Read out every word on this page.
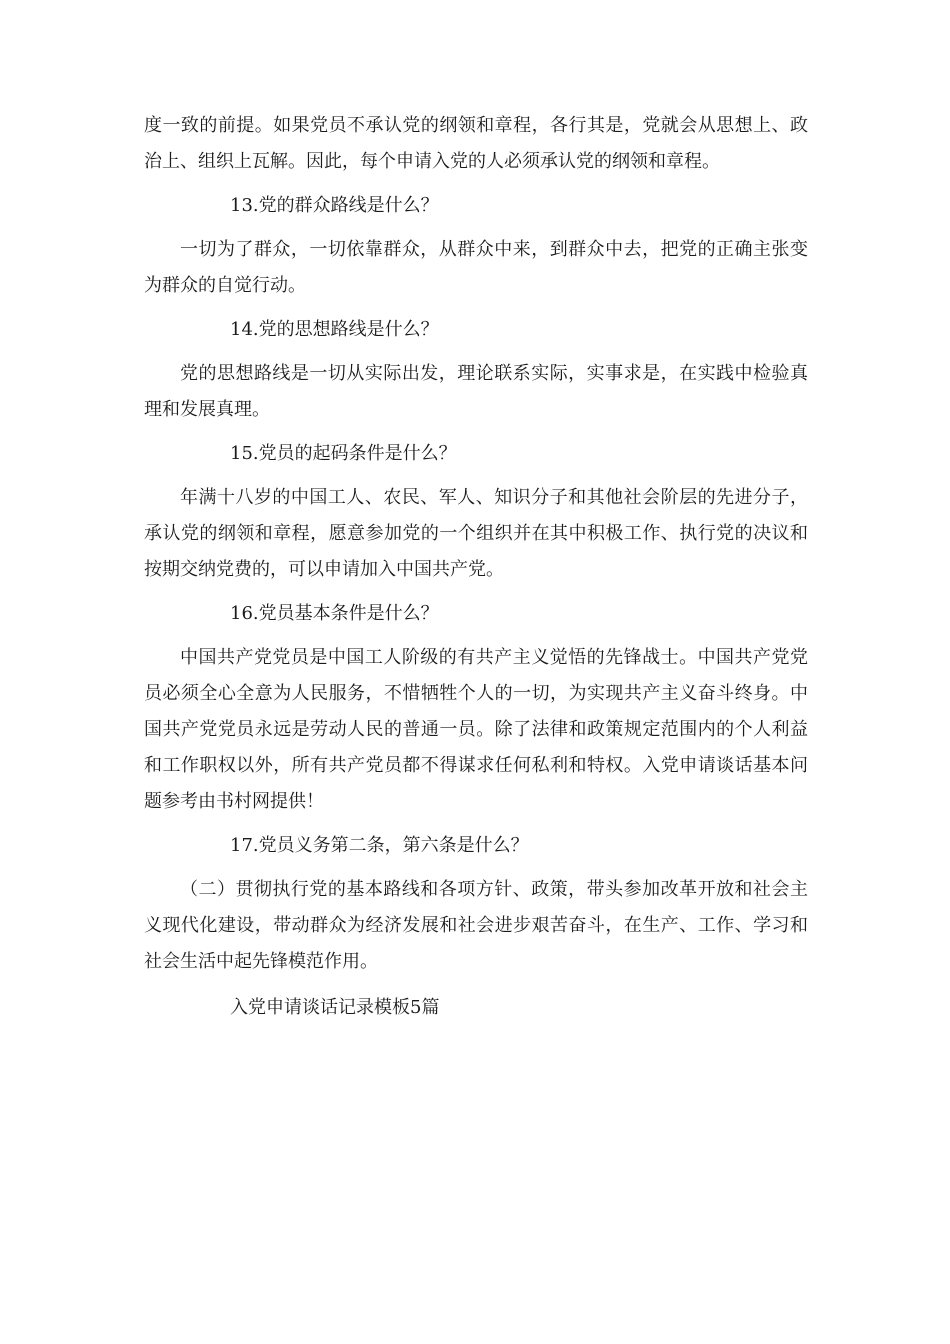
度一致的前提。如果党员不承认党的纲领和章程，各行其是，党就会从思想上、政治上、组织上瓦解。因此，每个申请入党的人必须承认党的纲领和章程。

13.党的群众路线是什么？

一切为了群众，一切依靠群众，从群众中来，到群众中去，把党的正确主张变为群众的自觉行动。

14.党的思想路线是什么？

党的思想路线是一切从实际出发，理论联系实际，实事求是，在实践中检验真理和发展真理。

15.党员的起码条件是什么？

年满十八岁的中国工人、农民、军人、知识分子和其他社会阶层的先进分子，承认党的纲领和章程，愿意参加党的一个组织并在其中积极工作、执行党的决议和按期交纳党费的，可以申请加入中国共产党。

16.党员基本条件是什么？

中国共产党党员是中国工人阶级的有共产主义觉悟的先锋战士。中国共产党党员必须全心全意为人民服务，不惜牺牲个人的一切，为实现共产主义奋斗终身。中国共产党党员永远是劳动人民的普通一员。除了法律和政策规定范围内的个人利益和工作职权以外，所有共产党员都不得谋求任何私利和特权。入党申请谈话基本问题参考由书村网提供！

17.党员义务第二条，第六条是什么？

（二）贯彻执行党的基本路线和各项方针、政策，带头参加改革开放和社会主义现代化建设，带动群众为经济发展和社会进步艰苦奋斗，在生产、工作、学习和社会生活中起先锋模范作用。

入党申请谈话记录模板5篇
